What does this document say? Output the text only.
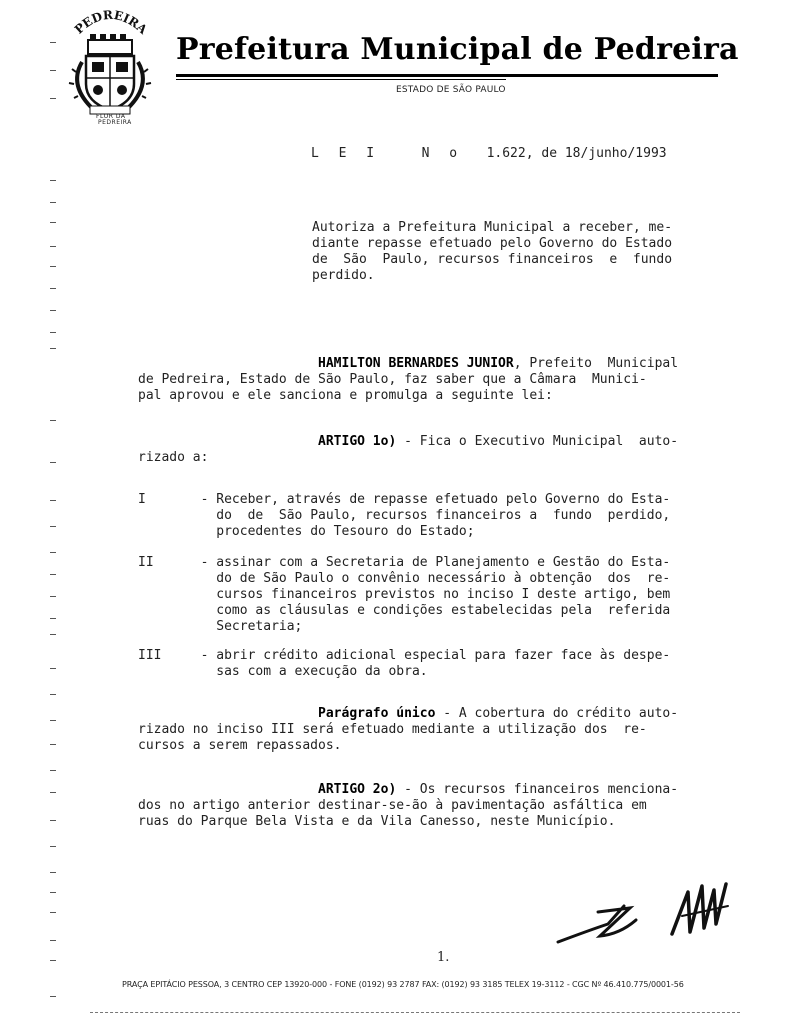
PEDREIRA
FLOR DA
PEDREIRA
Prefeitura Municipal de Pedreira
ESTADO DE SÃO PAULO
L E I   N o 1.622, de 18/junho/1993
Autoriza a Prefeitura Municipal a receber, me-
diante repasse efetuado pelo Governo do Estado
de  São  Paulo, recursos financeiros  e  fundo
perdido.
HAMILTON BERNARDES JUNIOR, Prefeito  Municipal
de Pedreira, Estado de São Paulo, faz saber que a Câmara  Munici-
pal aprovou e ele sanciona e promulga a seguinte lei:
ARTIGO 1o) - Fica o Executivo Municipal  auto-
rizado a:
I	- Receber, através de repasse efetuado pelo Governo do Esta-
do  de  São Paulo, recursos financeiros a  fundo  perdido,
procedentes do Tesouro do Estado;
II	- assinar com a Secretaria de Planejamento e Gestão do Esta-
do de São Paulo o convênio necessário à obtenção  dos  re-
cursos financeiros previstos no inciso I deste artigo, bem
como as cláusulas e condições estabelecidas pela  referida
Secretaria;
III	- abrir crédito adicional especial para fazer face às despe-
sas com a execução da obra.
Parágrafo único - A cobertura do crédito auto-
rizado no inciso III será efetuado mediante a utilização dos  re-
cursos a serem repassados.
ARTIGO 2o) - Os recursos financeiros menciona-
dos no artigo anterior destinar-se-ão à pavimentação asfáltica em
ruas do Parque Bela Vista e da Vila Canesso, neste Município.
1.
PRAÇA EPITÁCIO PESSOA, 3 CENTRO CEP 13920-000 - FONE (0192) 93 2787 FAX: (0192) 93 3185 TELEX 19-3112 - CGC Nº 46.410.775/0001-56
